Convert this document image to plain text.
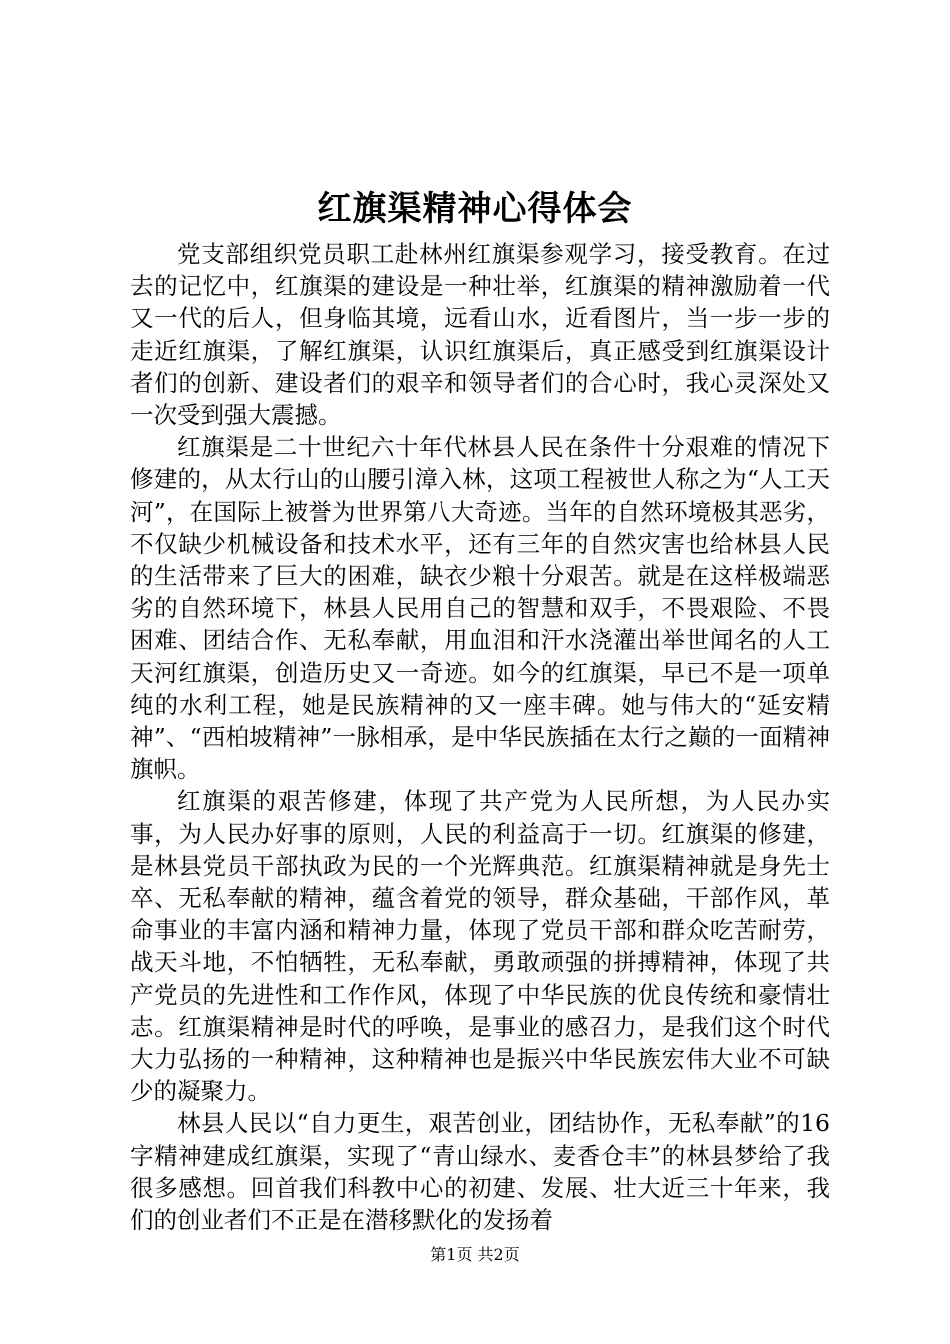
红旗渠精神心得体会

党支部组织党员职工赴林州红旗渠参观学习，接受教育。在过去的记忆中，红旗渠的建设是一种壮举，红旗渠的精神激励着一代又一代的后人，但身临其境，远看山水，近看图片，当一步一步的走近红旗渠，了解红旗渠，认识红旗渠后，真正感受到红旗渠设计者们的创新、建设者们的艰辛和领导者们的合心时，我心灵深处又一次受到强大震撼。

红旗渠是二十世纪六十年代林县人民在条件十分艰难的情况下修建的，从太行山的山腰引漳入林，这项工程被世人称之为“人工天河”，在国际上被誉为世界第八大奇迹。当年的自然环境极其恶劣，不仅缺少机械设备和技术水平，还有三年的自然灾害也给林县人民的生活带来了巨大的困难，缺衣少粮十分艰苦。就是在这样极端恶劣的自然环境下，林县人民用自己的智慧和双手，不畏艰险、不畏困难、团结合作、无私奉献，用血泪和汗水浇灌出举世闻名的人工天河红旗渠，创造历史又一奇迹。如今的红旗渠，早已不是一项单纯的水利工程，她是民族精神的又一座丰碑。她与伟大的“延安精神”、“西柏坡精神”一脉相承，是中华民族插在太行之巅的一面精神旗帜。

红旗渠的艰苦修建，体现了共产党为人民所想，为人民办实事，为人民办好事的原则，人民的利益高于一切。红旗渠的修建，是林县党员干部执政为民的一个光辉典范。红旗渠精神就是身先士卒、无私奉献的精神，蕴含着党的领导，群众基础，干部作风，革命事业的丰富内涵和精神力量，体现了党员干部和群众吃苦耐劳，战天斗地，不怕牺牲，无私奉献，勇敢顽强的拼搏精神，体现了共产党员的先进性和工作作风，体现了中华民族的优良传统和豪情壮志。红旗渠精神是时代的呼唤，是事业的感召力，是我们这个时代大力弘扬的一种精神，这种精神也是振兴中华民族宏伟大业不可缺少的凝聚力。

林县人民以“自力更生，艰苦创业，团结协作，无私奉献”的16字精神建成红旗渠，实现了“青山绿水、麦香仓丰”的林县梦给了我很多感想。回首我们科教中心的初建、发展、壮大近三十年来，我们的创业者们不正是在潜移默化的发扬着

第1页 共2页
